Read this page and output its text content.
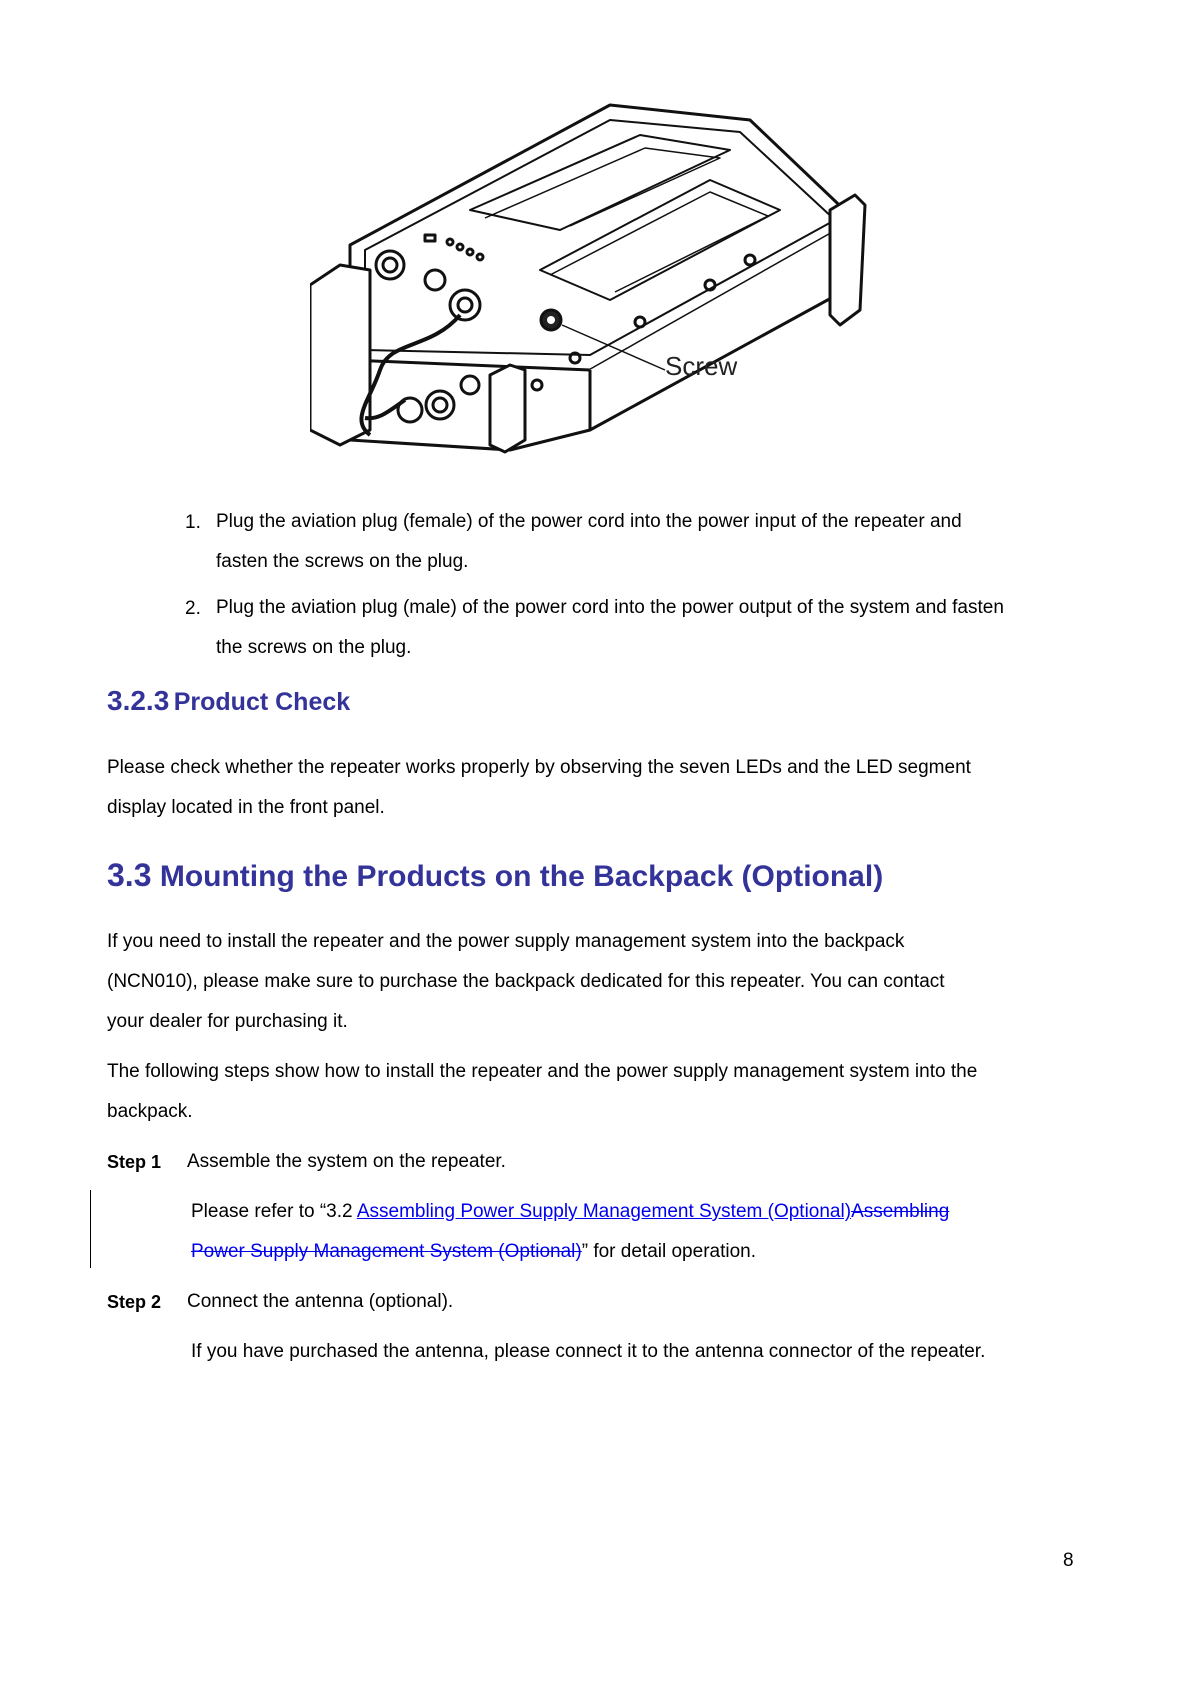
Screw
1. Plug the aviation plug (female) of the power cord into the power input of the repeater and
fasten the screws on the plug.
2. Plug the aviation plug (male) of the power cord into the power output of the system and fasten
the screws on the plug.
3.2.3 Product Check
Please check whether the repeater works properly by observing the seven LEDs and the LED segment
display located in the front panel.
3.3 Mounting the Products on the Backpack (Optional)
If you need to install the repeater and the power supply management system into the backpack
(NCN010), please make sure to purchase the backpack dedicated for this repeater. You can contact
your dealer for purchasing it.
The following steps show how to install the repeater and the power supply management system into the
backpack.
Step 1 Assemble the system on the repeater.
Please refer to “3.2 Assembling Power Supply Management System (Optional)Assembling
Power Supply Management System (Optional)” for detail operation.
Step 2 Connect the antenna (optional).
If you have purchased the antenna, please connect it to the antenna connector of the repeater.
8
